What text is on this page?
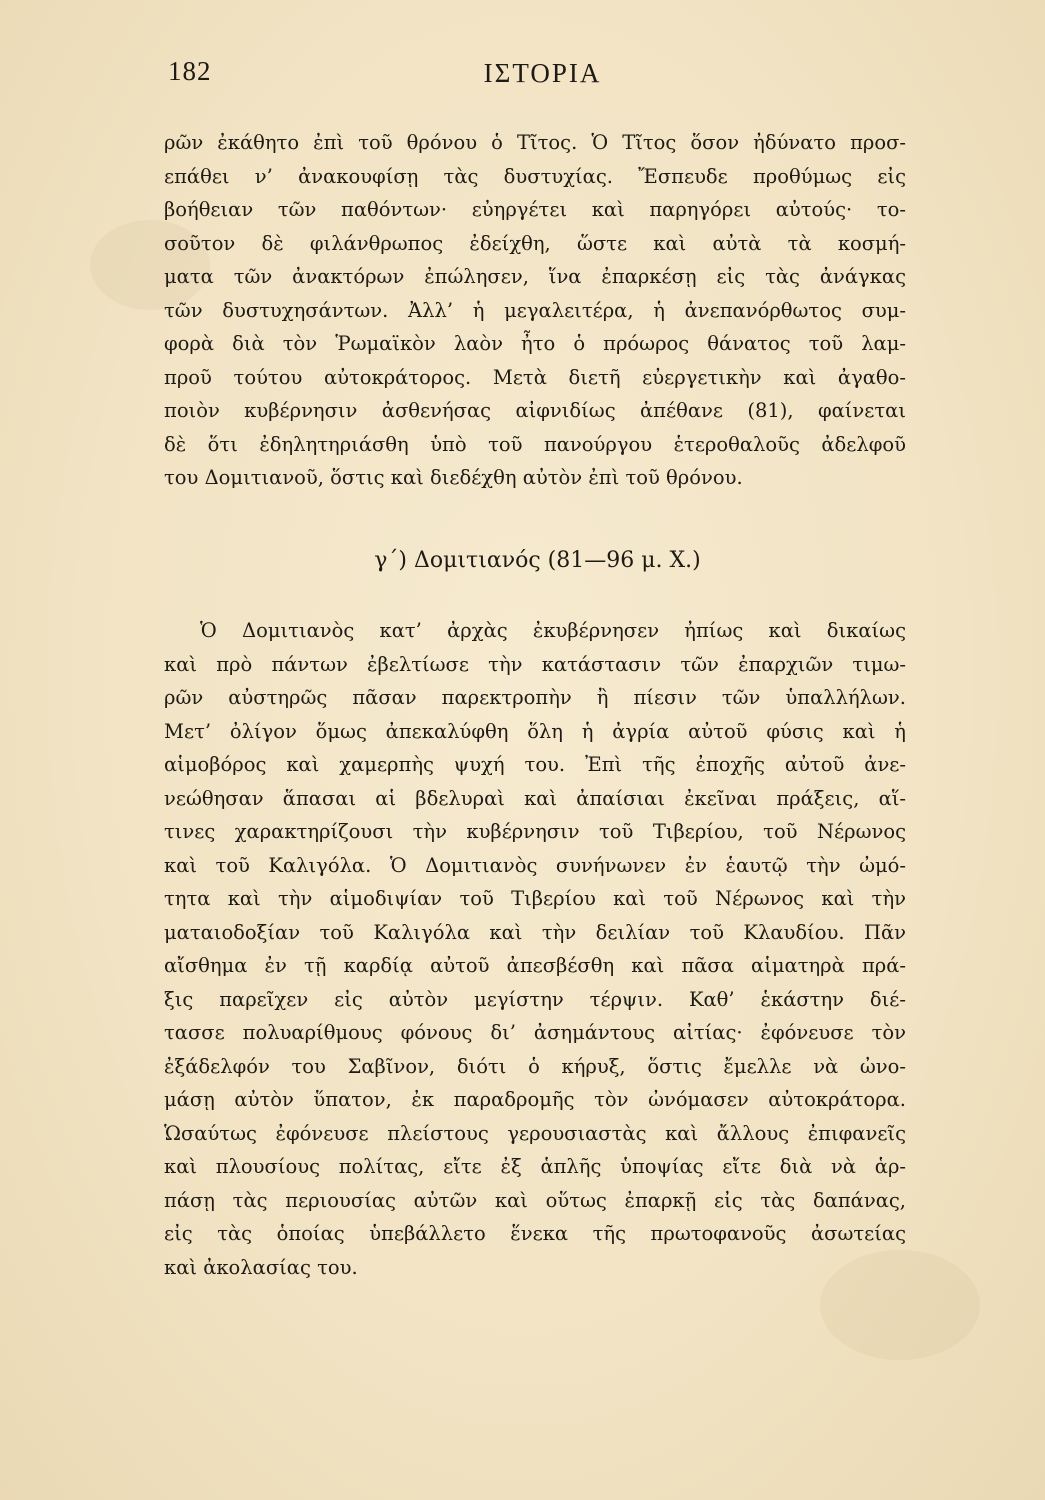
182	ΙΣΤΟΡΙΑ
ρῶν ἐκάθητο ἐπὶ τοῦ θρόνου ὁ Τῖτος. Ὁ Τῖτος ὅσον ἠδύνατο προσ-
επάθει ν’ ἀνακουφίσῃ τὰς δυστυχίας. Ἔσπευδε προθύμως εἰς
βοήθειαν τῶν παθόντων· εὐηργέτει καὶ παρηγόρει αὐτούς· το-
σοῦτον δὲ φιλάνθρωπος ἐδείχθη, ὥστε καὶ αὐτὰ τὰ κοσμή-
ματα τῶν ἀνακτόρων ἐπώλησεν, ἵνα ἐπαρκέσῃ εἰς τὰς ἀνάγκας
τῶν δυστυχησάντων. Ἀλλ’ ἡ μεγαλειτέρα, ἡ ἀνεπανόρθωτος συμ-
φορὰ διὰ τὸν Ῥωμαϊκὸν λαὸν ἦτο ὁ πρόωρος θάνατος τοῦ λαμ-
προῦ τούτου αὐτοκράτορος. Μετὰ διετῆ εὐεργετικὴν καὶ ἀγαθο-
ποιὸν κυβέρνησιν ἀσθενήσας αἰφνιδίως ἀπέθανε (81), φαίνεται
δὲ ὅτι ἐδηλητηριάσθη ὑπὸ τοῦ πανούργου ἑτεροθαλοῦς ἀδελφοῦ
του Δομιτιανοῦ, ὅστις καὶ διεδέχθη αὐτὸν ἐπὶ τοῦ θρόνου.
γ΄) Δομιτιανός (81—96 μ. Χ.)
Ὁ Δομιτιανὸς κατ’ ἀρχὰς ἐκυβέρνησεν ἠπίως καὶ δικαίως
καὶ πρὸ πάντων ἐβελτίωσε τὴν κατάστασιν τῶν ἐπαρχιῶν τιμω-
ρῶν αὐστηρῶς πᾶσαν παρεκτροπὴν ἢ πίεσιν τῶν ὑπαλλήλων.
Μετ’ ὀλίγον ὅμως ἀπεκαλύφθη ὅλη ἡ ἀγρία αὐτοῦ φύσις καὶ ἡ
αἱμοβόρος καὶ χαμερπὴς ψυχή του. Ἐπὶ τῆς ἐποχῆς αὐτοῦ ἀνε-
νεώθησαν ἅπασαι αἱ βδελυραὶ καὶ ἀπαίσιαι ἐκεῖναι πράξεις, αἵ-
τινες χαρακτηρίζουσι τὴν κυβέρνησιν τοῦ Τιβερίου, τοῦ Νέρωνος
καὶ τοῦ Καλιγόλα. Ὁ Δομιτιανὸς συνήνωνεν ἐν ἑαυτῷ τὴν ὠμό-
τητα καὶ τὴν αἱμοδιψίαν τοῦ Τιβερίου καὶ τοῦ Νέρωνος καὶ τὴν
ματαιοδοξίαν τοῦ Καλιγόλα καὶ τὴν δειλίαν τοῦ Κλαυδίου. Πᾶν
αἴσθημα ἐν τῇ καρδίᾳ αὐτοῦ ἀπεσβέσθη καὶ πᾶσα αἱματηρὰ πρά-
ξις παρεῖχεν εἰς αὐτὸν μεγίστην τέρψιν. Καθ’ ἑκάστην διέ-
τασσε πολυαρίθμους φόνους δι’ ἀσημάντους αἰτίας· ἐφόνευσε τὸν
ἐξάδελφόν του Σαβῖνον, διότι ὁ κήρυξ, ὅστις ἔμελλε νὰ ὠνο-
μάσῃ αὐτὸν ὕπατον, ἐκ παραδρομῆς τὸν ὠνόμασεν αὐτοκράτορα.
Ὡσαύτως ἐφόνευσε πλείστους γερουσιαστὰς καὶ ἄλλους ἐπιφανεῖς
καὶ πλουσίους πολίτας, εἴτε ἐξ ἁπλῆς ὑποψίας εἴτε διὰ νὰ ἁρ-
πάσῃ τὰς περιουσίας αὐτῶν καὶ οὕτως ἐπαρκῇ εἰς τὰς δαπάνας,
εἰς τὰς ὁποίας ὑπεβάλλετο ἕνεκα τῆς πρωτοφανοῦς ἀσωτείας
καὶ ἀκολασίας του.
